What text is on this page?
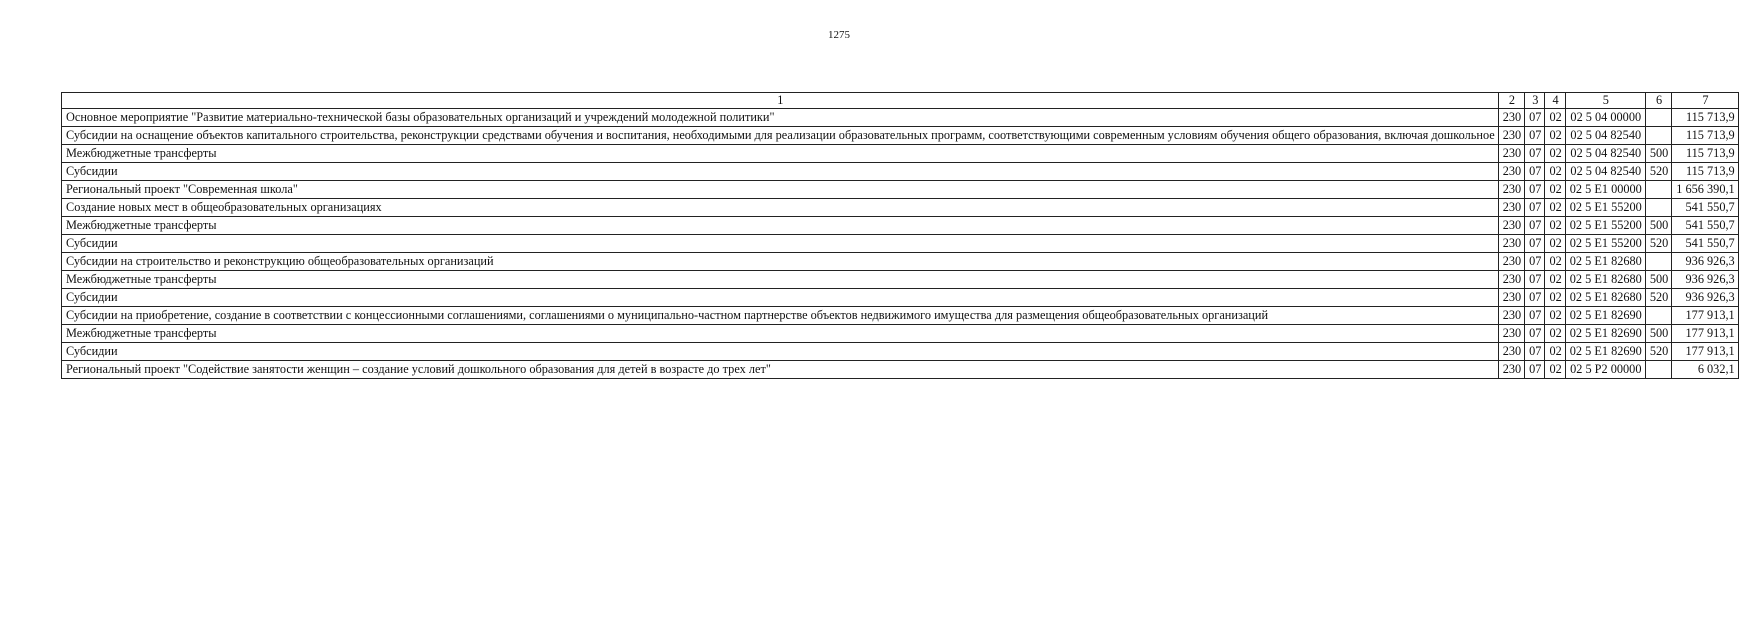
1275
1	2	3	4	5	6	7
Основное мероприятие "Развитие материально-технической базы образовательных организаций и учреждений молодежной политики"	230	07	02	02 5 04 00000		115 713,9
Субсидии на оснащение объектов капитального строительства, реконструкции средствами обучения и воспитания, необходимыми для реализации образовательных программ, соответствующими современным условиям обучения общего образования, включая дошкольное	230	07	02	02 5 04 82540		115 713,9
Межбюджетные трансферты	230	07	02	02 5 04 82540	500	115 713,9
Субсидии	230	07	02	02 5 04 82540	520	115 713,9
Региональный проект "Современная школа"	230	07	02	02 5 E1 00000		1 656 390,1
Создание новых мест в общеобразовательных организациях	230	07	02	02 5 E1 55200		541 550,7
Межбюджетные трансферты	230	07	02	02 5 E1 55200	500	541 550,7
Субсидии	230	07	02	02 5 E1 55200	520	541 550,7
Субсидии на строительство и реконструкцию общеобразовательных организаций	230	07	02	02 5 E1 82680		936 926,3
Межбюджетные трансферты	230	07	02	02 5 E1 82680	500	936 926,3
Субсидии	230	07	02	02 5 E1 82680	520	936 926,3
Субсидии на приобретение, создание в соответствии с концессионными соглашениями, соглашениями о муниципально-частном партнерстве объектов недвижимого имущества для размещения общеобразовательных организаций	230	07	02	02 5 E1 82690		177 913,1
Межбюджетные трансферты	230	07	02	02 5 E1 82690	500	177 913,1
Субсидии	230	07	02	02 5 E1 82690	520	177 913,1
Региональный проект "Содействие занятости женщин – создание условий дошкольного образования для детей в возрасте до трех лет"	230	07	02	02 5 P2 00000		6 032,1
